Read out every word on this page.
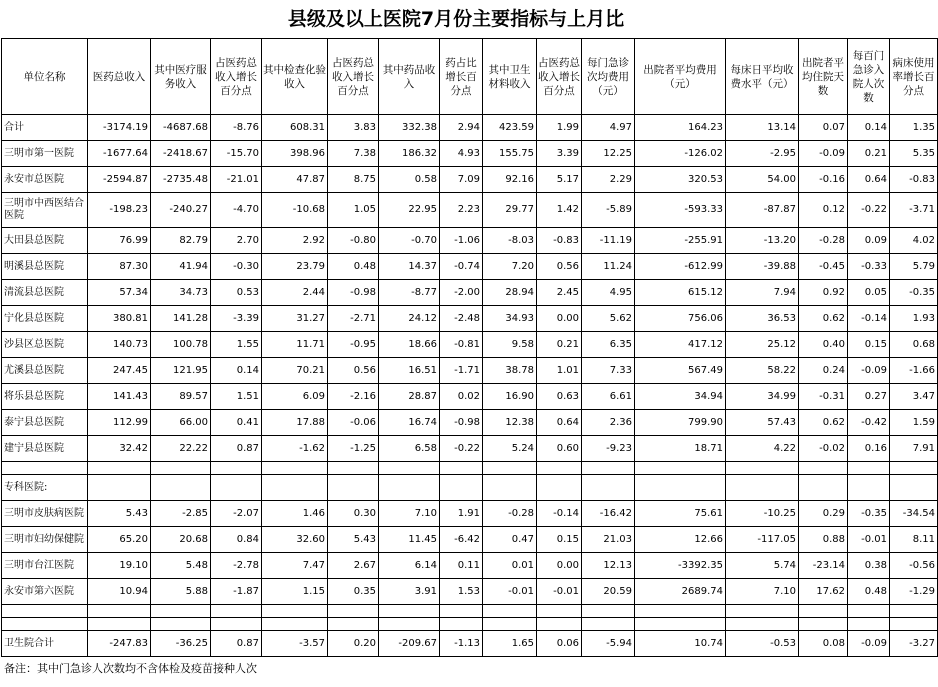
县级及以上医院7月份主要指标与上月比
单位名称	医药总收入	其中医疗服务收入	占医药总收入增长百分点	其中检查化验收入	占医药总收入增长百分点	其中药品收入	药占比增长百分点	其中卫生材料收入	占医药总收入增长百分点	每门急诊次均费用（元）	出院者平均费用（元）	每床日平均收费水平（元）	出院者平均住院天数	每百门急诊入院人次数	病床使用率增长百分点
合计	-3174.19	-4687.68	-8.76	608.31	3.83	332.38	2.94	423.59	1.99	4.97	164.23	13.14	0.07	0.14	1.35
三明市第一医院	-1677.64	-2418.67	-15.70	398.96	7.38	186.32	4.93	155.75	3.39	12.25	-126.02	-2.95	-0.09	0.21	5.35
永安市总医院	-2594.87	-2735.48	-21.01	47.87	8.75	0.58	7.09	92.16	5.17	2.29	320.53	54.00	-0.16	0.64	-0.83
三明市中西医结合医院	-198.23	-240.27	-4.70	-10.68	1.05	22.95	2.23	29.77	1.42	-5.89	-593.33	-87.87	0.12	-0.22	-3.71
大田县总医院	76.99	82.79	2.70	2.92	-0.80	-0.70	-1.06	-8.03	-0.83	-11.19	-255.91	-13.20	-0.28	0.09	4.02
明溪县总医院	87.30	41.94	-0.30	23.79	0.48	14.37	-0.74	7.20	0.56	11.24	-612.99	-39.88	-0.45	-0.33	5.79
清流县总医院	57.34	34.73	0.53	2.44	-0.98	-8.77	-2.00	28.94	2.45	4.95	615.12	7.94	0.92	0.05	-0.35
宁化县总医院	380.81	141.28	-3.39	31.27	-2.71	24.12	-2.48	34.93	0.00	5.62	756.06	36.53	0.62	-0.14	1.93
沙县区总医院	140.73	100.78	1.55	11.71	-0.95	18.66	-0.81	9.58	0.21	6.35	417.12	25.12	0.40	0.15	0.68
尤溪县总医院	247.45	121.95	0.14	70.21	0.56	16.51	-1.71	38.78	1.01	7.33	567.49	58.22	0.24	-0.09	-1.66
将乐县总医院	141.43	89.57	1.51	6.09	-2.16	28.87	0.02	16.90	0.63	6.61	34.94	34.99	-0.31	0.27	3.47
泰宁县总医院	112.99	66.00	0.41	17.88	-0.06	16.74	-0.98	12.38	0.64	2.36	799.90	57.43	0.62	-0.42	1.59
建宁县总医院	32.42	22.22	0.87	-1.62	-1.25	6.58	-0.22	5.24	0.60	-9.23	18.71	4.22	-0.02	0.16	7.91

专科医院:															
三明市皮肤病医院	5.43	-2.85	-2.07	1.46	0.30	7.10	1.91	-0.28	-0.14	-16.42	75.61	-10.25	0.29	-0.35	-34.54
三明市妇幼保健院	65.20	20.68	0.84	32.60	5.43	11.45	-6.42	0.47	0.15	21.03	12.66	-117.05	0.88	-0.01	8.11
三明市台江医院	19.10	5.48	-2.78	7.47	2.67	6.14	0.11	0.01	0.00	12.13	-3392.35	5.74	-23.14	0.38	-0.56
永安市第六医院	10.94	5.88	-1.87	1.15	0.35	3.91	1.53	-0.01	-0.01	20.59	2689.74	7.10	17.62	0.48	-1.29

卫生院合计	-247.83	-36.25	0.87	-3.57	0.20	-209.67	-1.13	1.65	0.06	-5.94	10.74	-0.53	0.08	-0.09	-3.27
备注：其中门急诊人次数均不含体检及疫苗接种人次
